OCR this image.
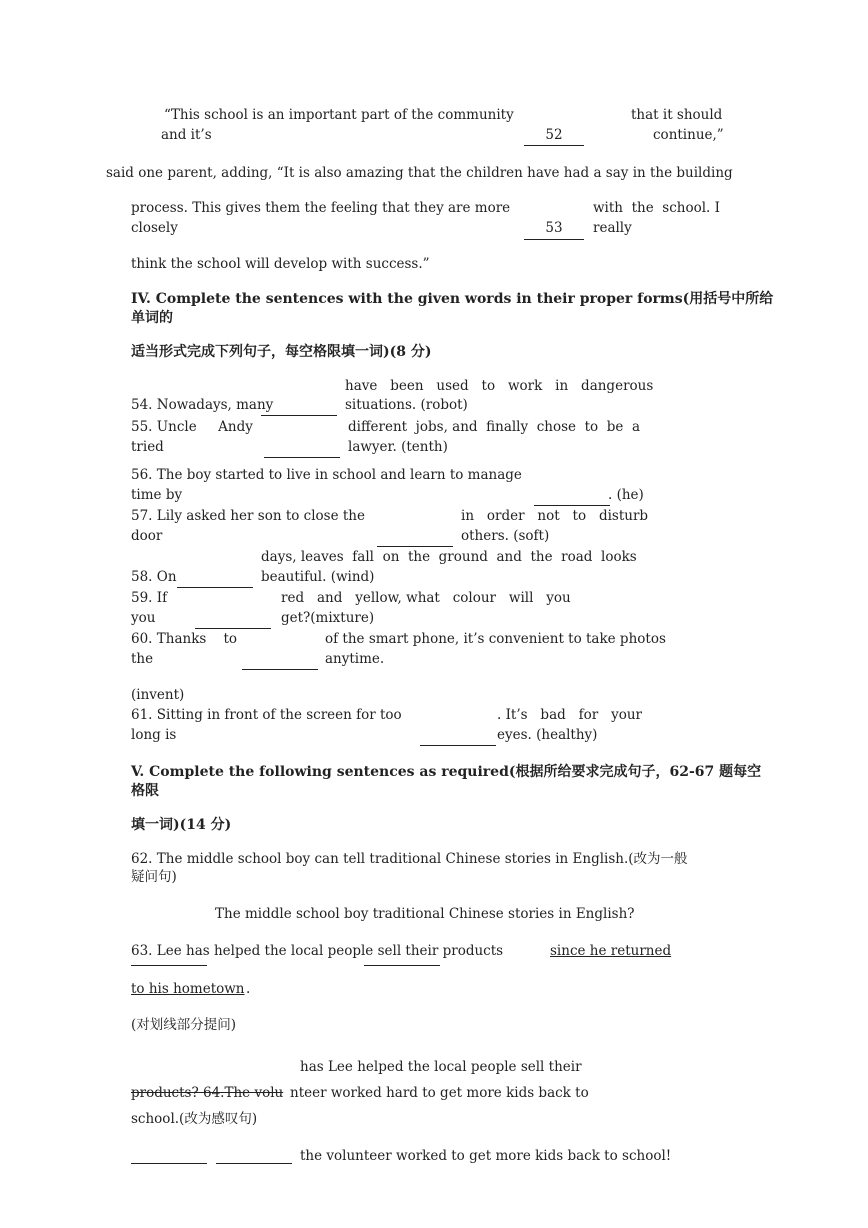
“This school is an important part of the community	that it should
and it’s	52	continue,”
said one parent, adding, “It is also amazing that the children have had a say in the building
process. This gives them the feeling that they are more	with  the  school. I
closely	53	really
think the school will develop with success.”
IV. Complete the sentences with the given words in their proper forms(用括号中所给
单词的
适当形式完成下列句子，每空格限填一词)(8 分)
have   been   used   to   work   in   dangerous
54. Nowadays, many	situations. (robot)
55. Uncle     Andy	different  jobs, and  finally  chose  to  be  a
tried	lawyer. (tenth)
56. The boy started to live in school and learn to manage
time by	. (he)
57. Lily asked her son to close the	in   order   not   to   disturb
door	others. (soft)
days, leaves  fall  on  the  ground  and  the  road  looks
58. On	beautiful. (wind)
59. If	red   and   yellow, what   colour   will   you
you	get?(mixture)
60. Thanks    to	of the smart phone, it’s convenient to take photos
the	anytime.
(invent)
61. Sitting in front of the screen for too	. It’s   bad   for   your
long is	eyes. (healthy)
V. Complete the following sentences as required(根据所给要求完成句子，62-67 题每空
格限
填一词)(14 分)
62. The middle school boy can tell traditional Chinese stories in English.(改为一般
疑问句)
The middle school boy traditional Chinese stories in English?
63. Lee has helped the local people sell their products	since he returned
to his hometown .
(对划线部分提问)
has Lee helped the local people sell their
products? 64.The volu nteer worked hard to get more kids back to
school.(改为感叹句)
the volunteer worked to get more kids back to school!
